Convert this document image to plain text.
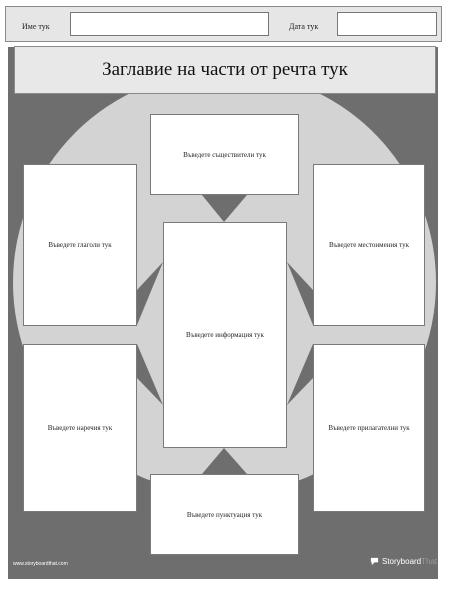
Име тук	Дата тук
Заглавие на части от речта тук
Въведете съществители тук
Въведете глаголи тук	Въведете местоимения тук
Въведете информация тук
Въведете наречия тук	Въведете прилагателни тук
Въведете пунктуация тук
www.storyboardthat.com	Storyboard That
